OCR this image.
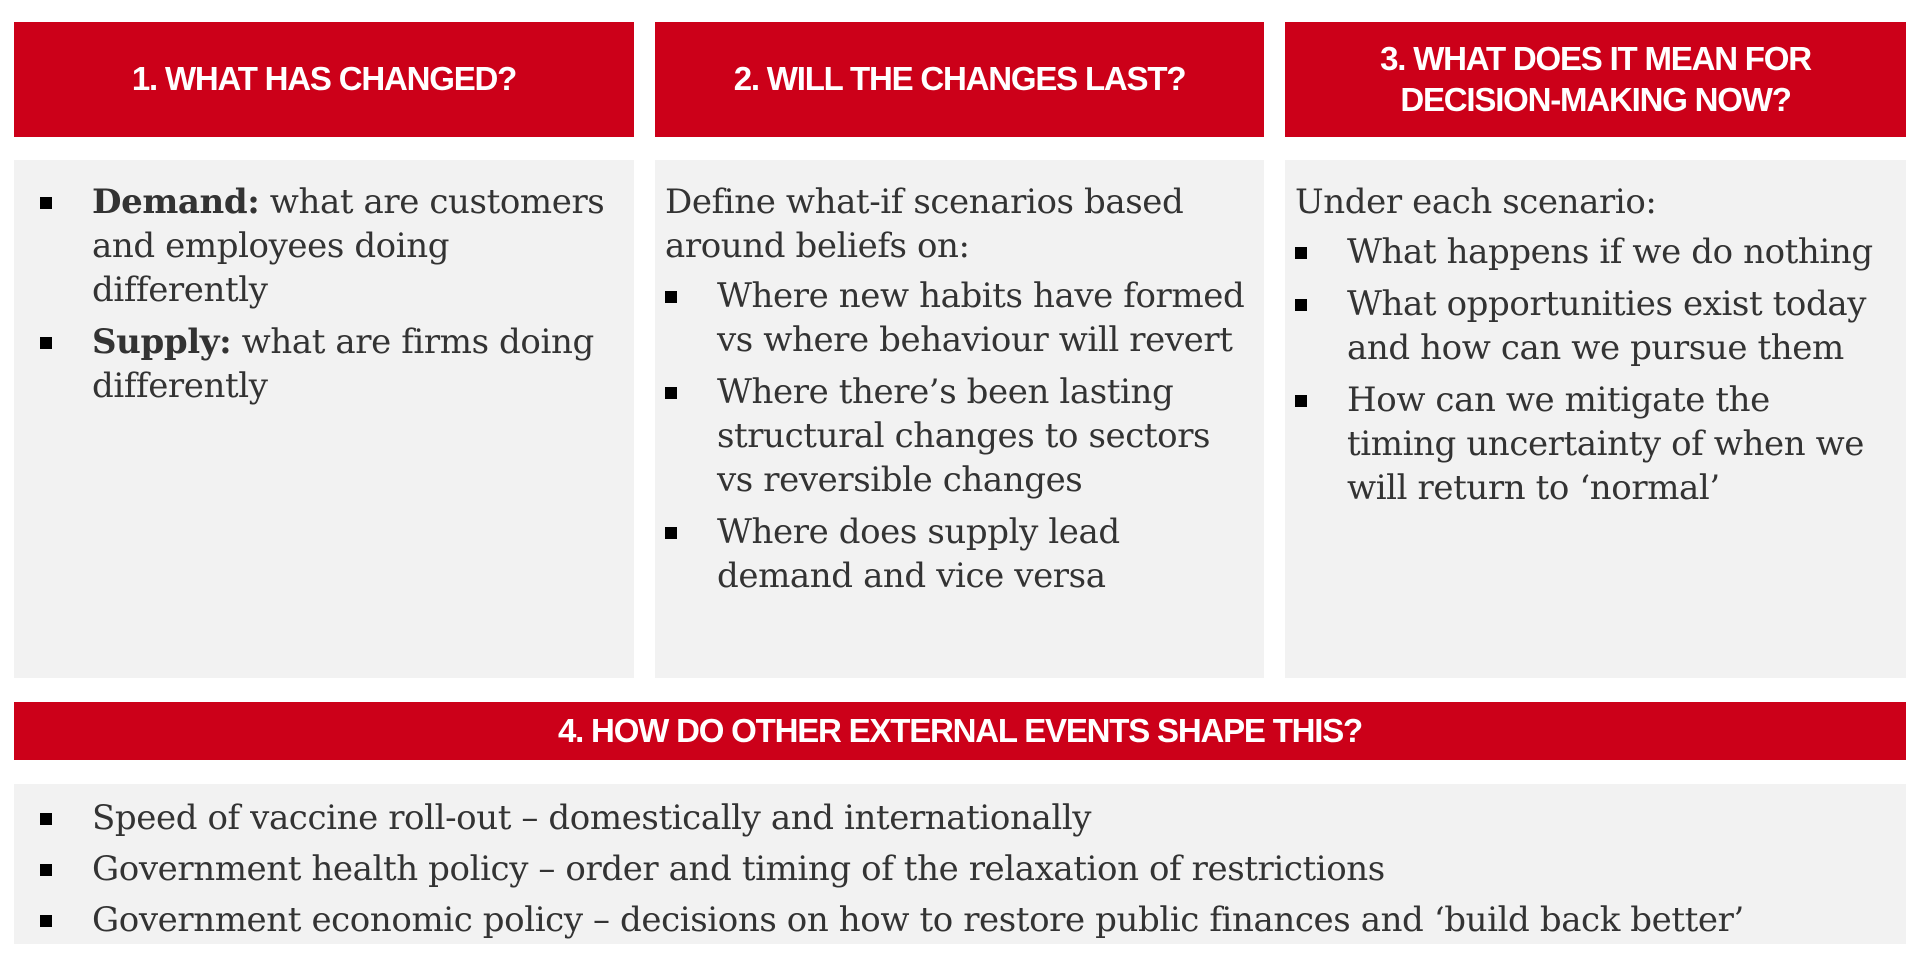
1. WHAT HAS CHANGED?
Demand: what are customers and employees doing differently
Supply: what are firms doing differently
2. WILL THE CHANGES LAST?

Define what-if scenarios based around beliefs on:

Where new habits have formed vs where behaviour will revert
Where there’s been lasting structural changes to sectors vs reversible changes
Where does supply lead demand and vice versa
3. WHAT DOES IT MEAN FOR DECISION-MAKING NOW?

Under each scenario:

What happens if we do nothing
What opportunities exist today and how can we pursue them
How can we mitigate the timing uncertainty of when we will return to ‘normal’
4. HOW DO OTHER EXTERNAL EVENTS SHAPE THIS?
Speed of vaccine roll-out – domestically and internationally
Government health policy – order and timing of the relaxation of restrictions
Government economic policy – decisions on how to restore public finances and ‘build back better’
